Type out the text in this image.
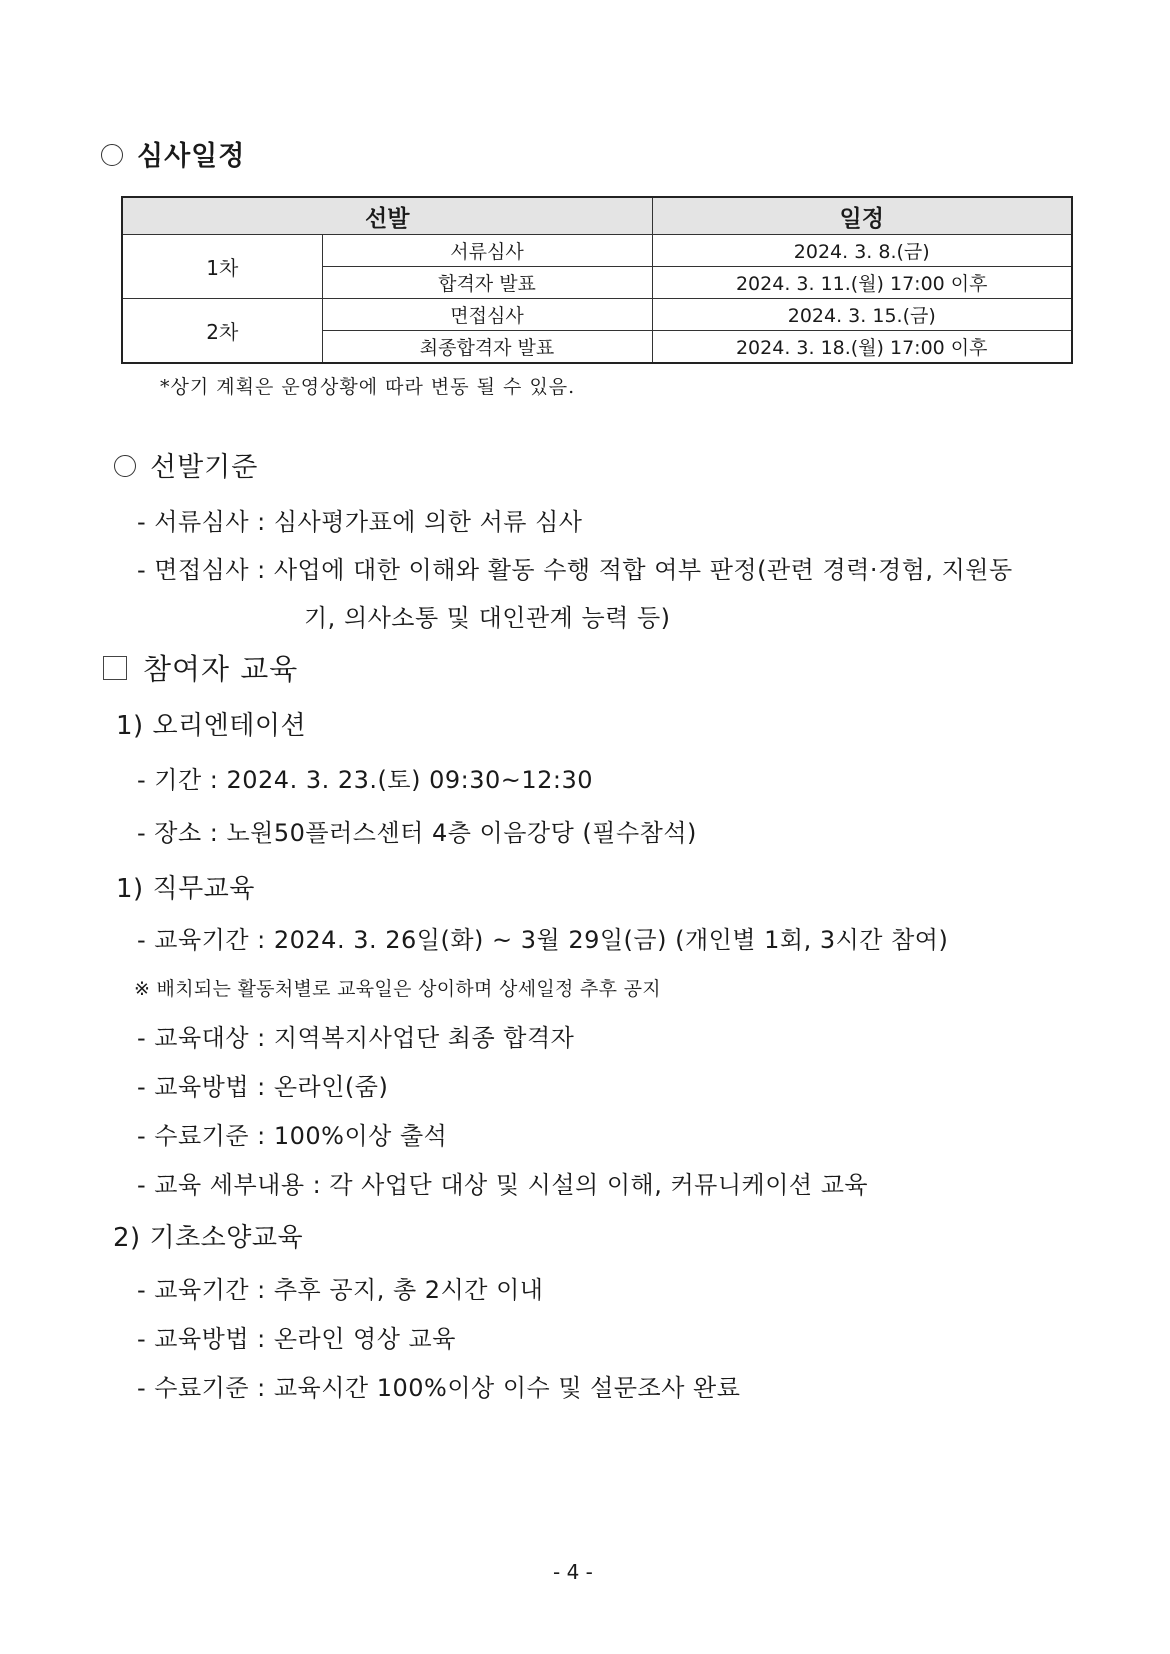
심사일정
선발		일정
1차	서류심사	2024. 3. 8.(금)
	합격자 발표	2024. 3. 11.(월) 17:00 이후
2차	면접심사	2024. 3. 15.(금)
	최종합격자 발표	2024. 3. 18.(월) 17:00 이후
*상기 계획은 운영상황에 따라 변동 될 수 있음.
선발기준
- 서류심사 : 심사평가표에 의한 서류 심사
- 면접심사 : 사업에 대한 이해와 활동 수행 적합 여부 판정(관련 경력·경험, 지원동
기, 의사소통 및 대인관계 능력 등)
참여자 교육
1) 오리엔테이션
- 기간 : 2024. 3. 23.(토) 09:30~12:30
- 장소 : 노원50플러스센터 4층 이음강당 (필수참석)
1) 직무교육
- 교육기간 : 2024. 3. 26일(화) ~ 3월 29일(금) (개인별 1회, 3시간 참여)
※ 배치되는 활동처별로 교육일은 상이하며 상세일정 추후 공지
- 교육대상 : 지역복지사업단 최종 합격자
- 교육방법 : 온라인(줌)
- 수료기준 : 100%이상 출석
- 교육 세부내용 : 각 사업단 대상 및 시설의 이해, 커뮤니케이션 교육
2) 기초소양교육
- 교육기간 : 추후 공지, 총 2시간 이내
- 교육방법 : 온라인 영상 교육
- 수료기준 : 교육시간 100%이상 이수 및 설문조사 완료
- 4 -
